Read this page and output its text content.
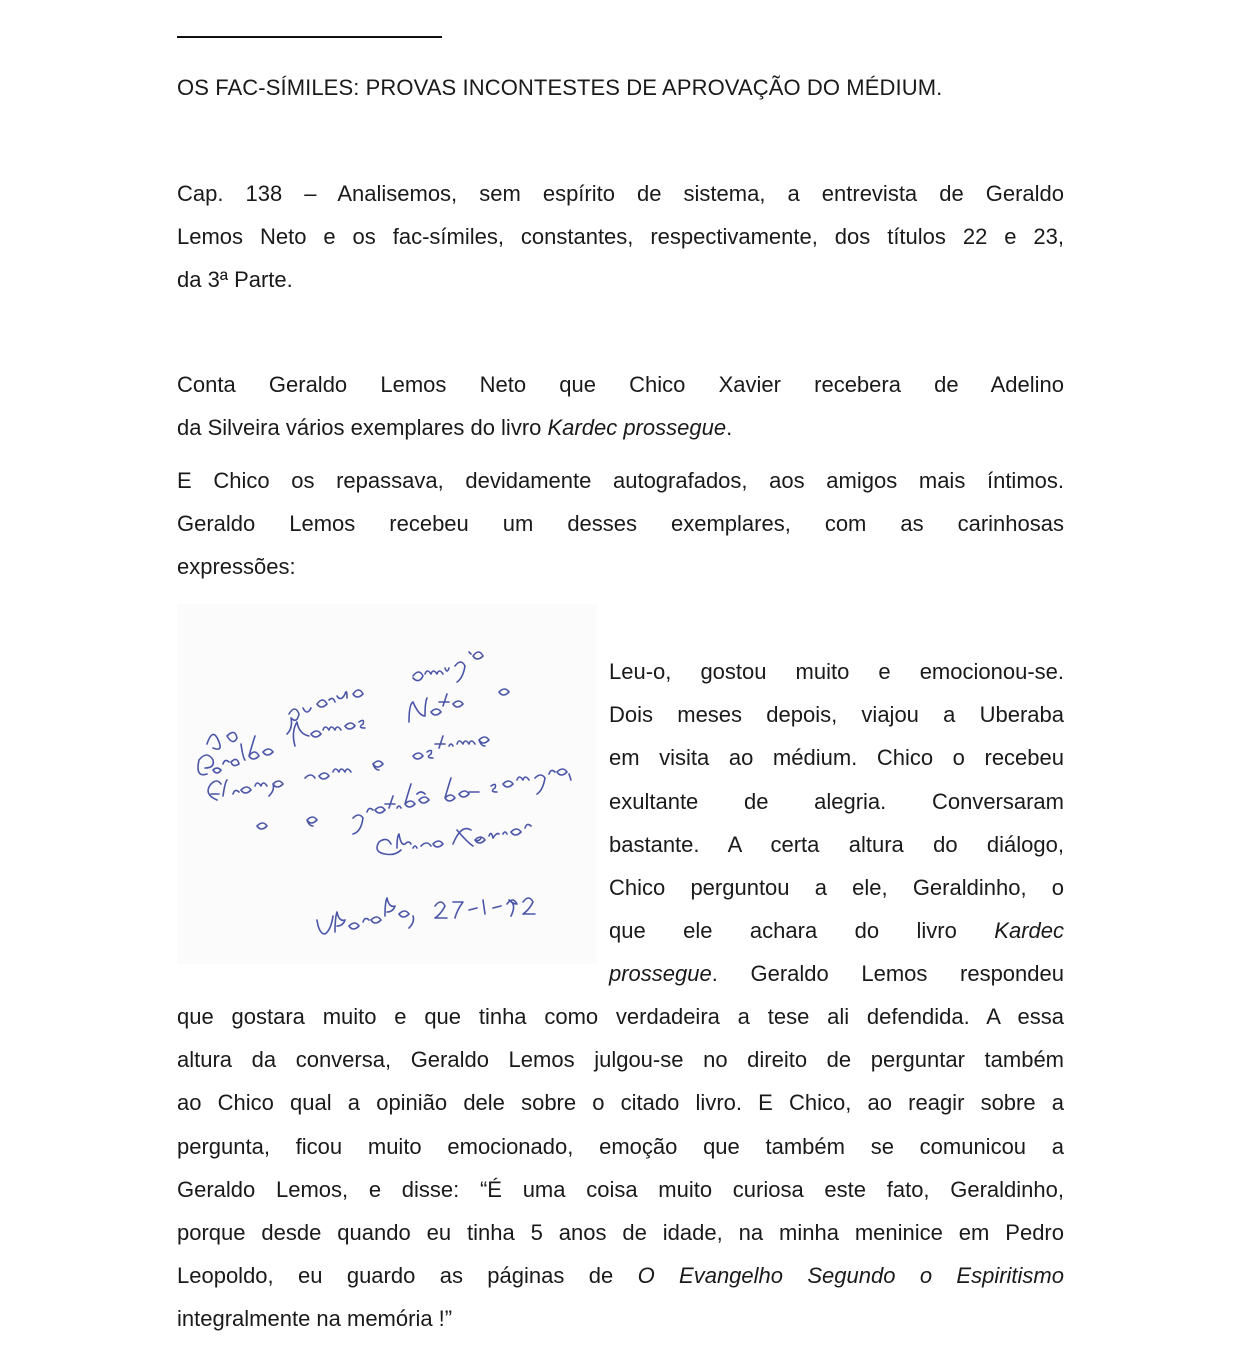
OS FAC-SÍMILES: PROVAS INCONTESTES DE APROVAÇÃO DO MÉDIUM.
Cap. 138 – Analisemos, sem espírito de sistema, a entrevista de Geraldo
Lemos Neto e os fac-símiles, constantes, respectivamente, dos títulos 22 e 23,
da 3ª Parte.
Conta Geraldo Lemos Neto que Chico Xavier recebera de Adelino
da Silveira vários exemplares do livro Kardec prossegue.
E Chico os repassava, devidamente autografados, aos amigos mais íntimos.
Geraldo Lemos recebeu um desses exemplares, com as carinhosas
expressões:
Leu-o, gostou muito e emocionou-se.
Dois meses depois, viajou a Uberaba
em visita ao médium. Chico o recebeu
exultante de alegria. Conversaram
bastante. A certa altura do diálogo,
Chico perguntou a ele, Geraldinho, o
que ele achara do livro Kardec
prossegue. Geraldo Lemos respondeu
que gostara muito e que tinha como verdadeira a tese ali defendida. A essa
altura da conversa, Geraldo Lemos julgou-se no direito de perguntar também
ao Chico qual a opinião dele sobre o citado livro. E Chico, ao reagir sobre a
pergunta, ficou muito emocionado, emoção que também se comunicou a
Geraldo Lemos, e disse: “É uma coisa muito curiosa este fato, Geraldinho,
porque desde quando eu tinha 5 anos de idade, na minha meninice em Pedro
Leopoldo, eu guardo as páginas de O Evangelho Segundo o Espiritismo
integralmente na memória !”
